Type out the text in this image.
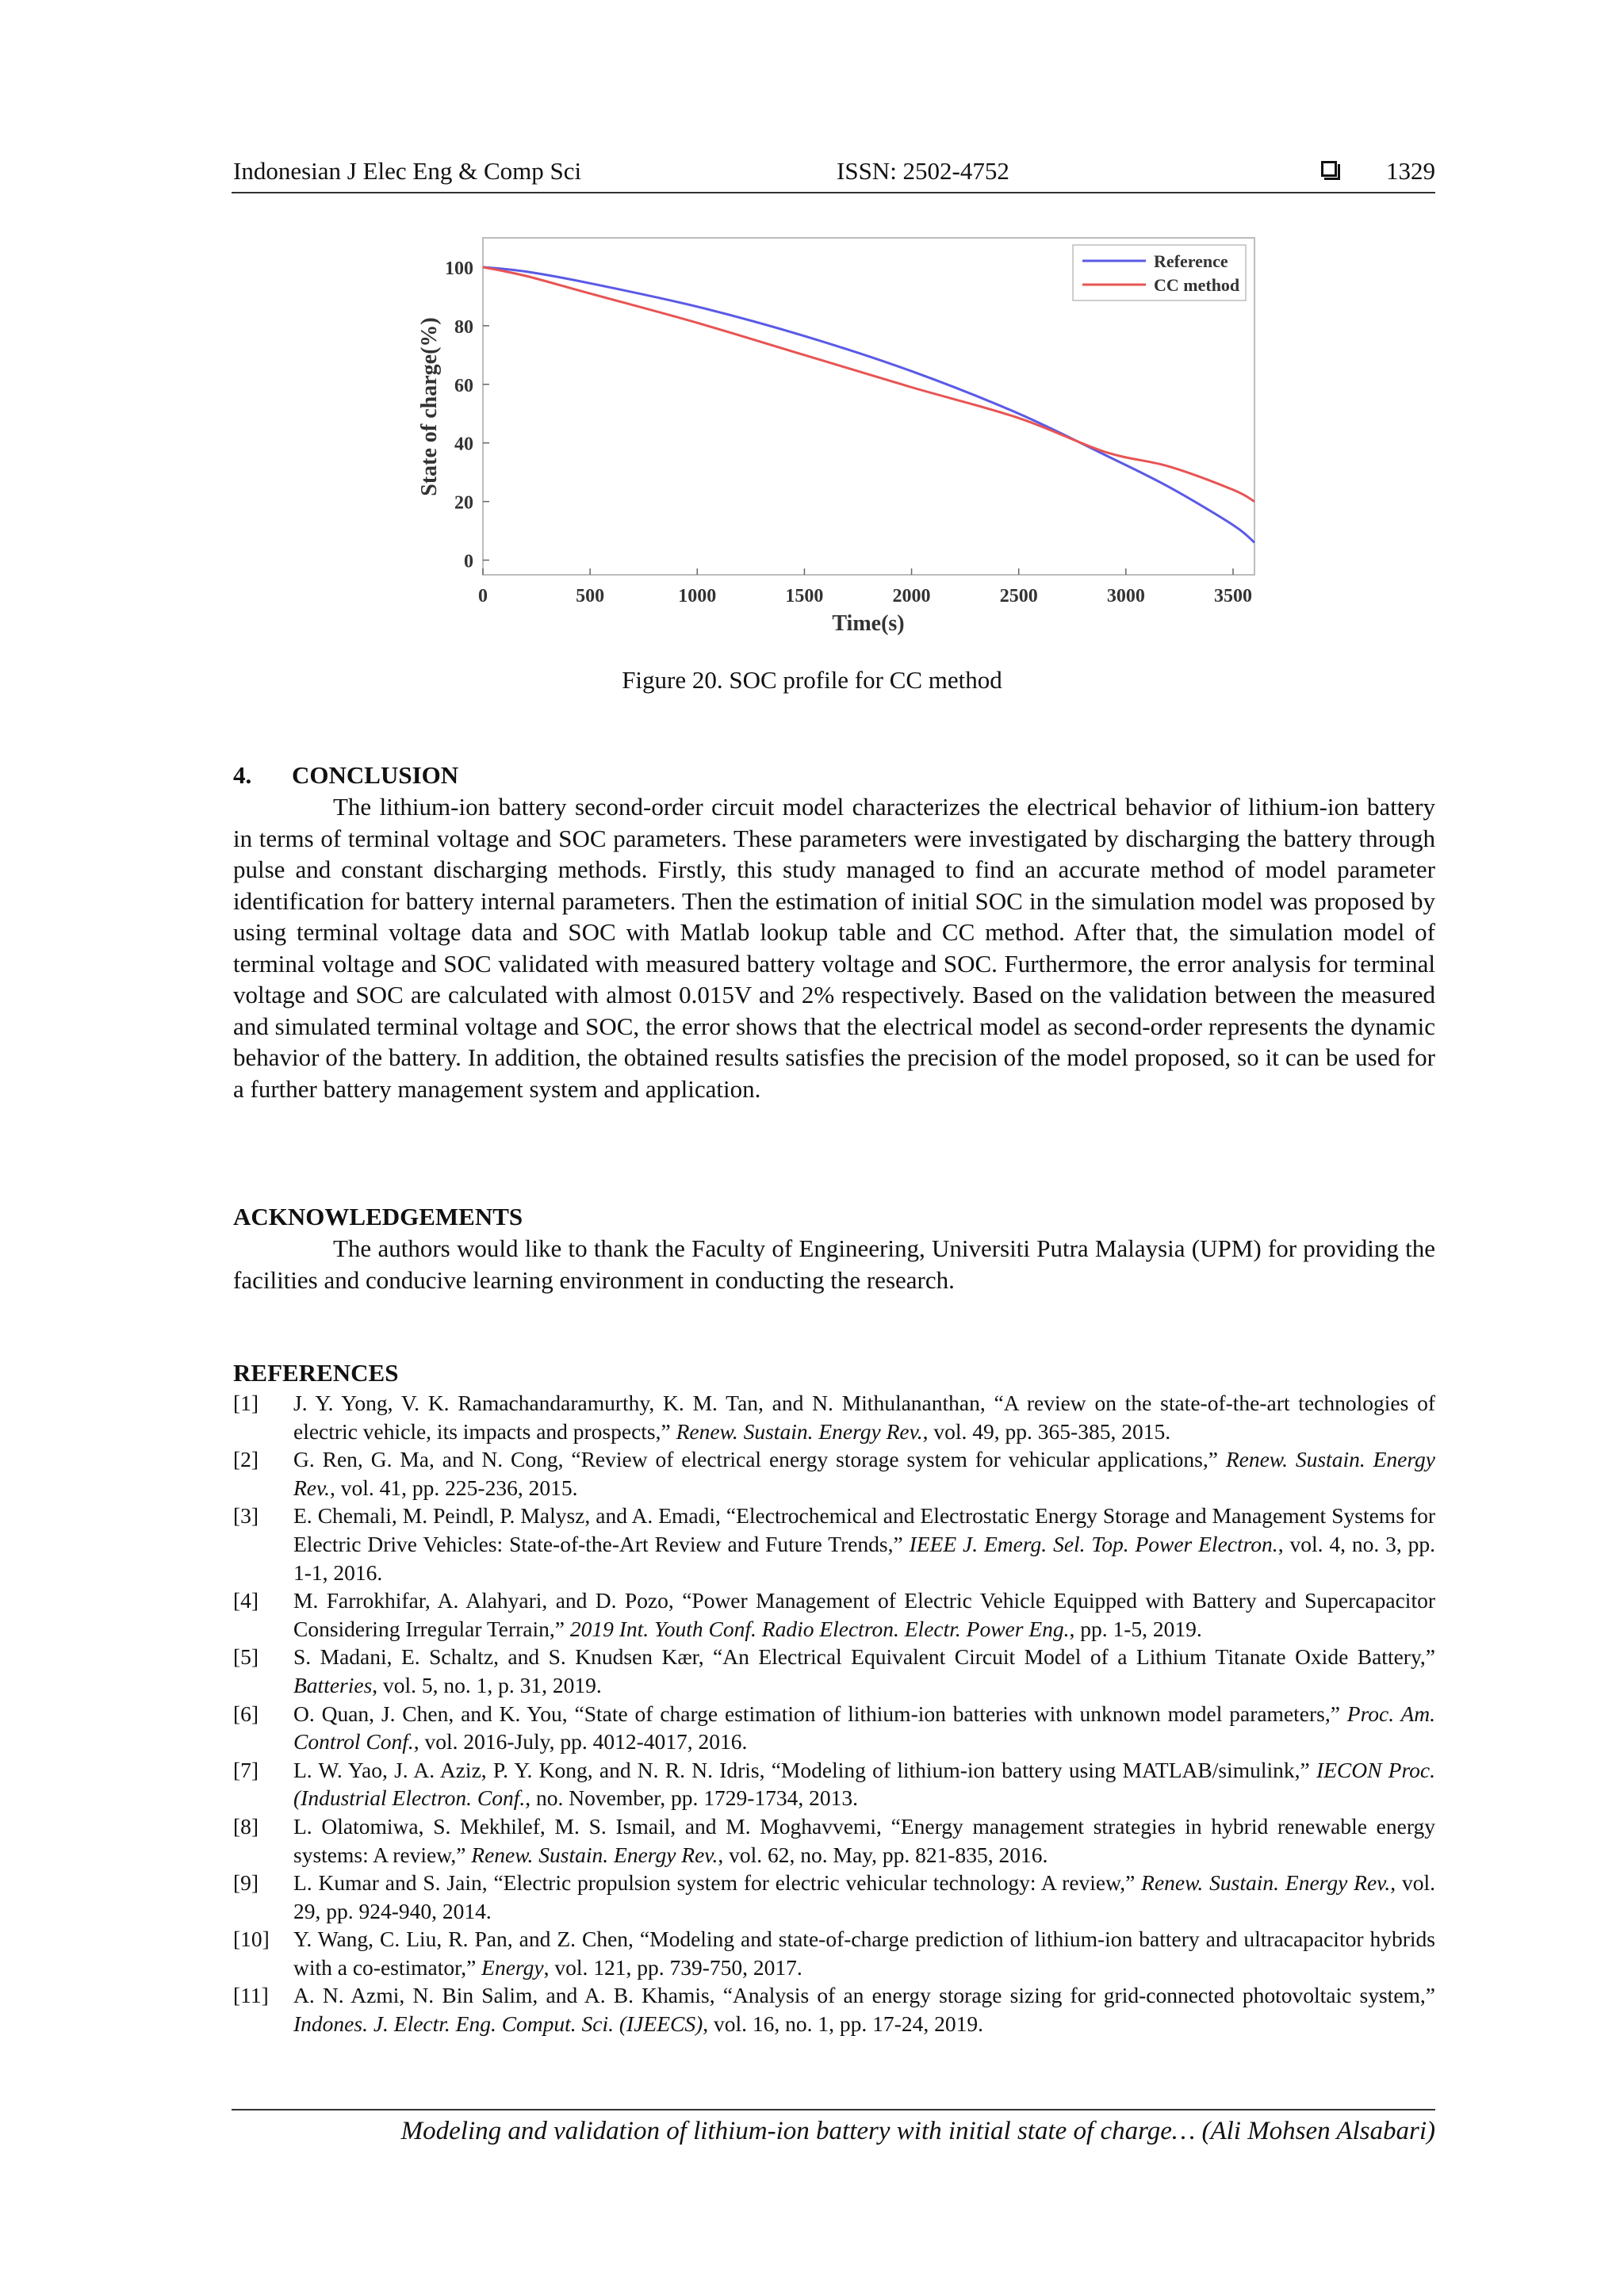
Indonesian J Elec Eng & Comp Sci	ISSN: 2502-4752	1329
0
20
40
60
80
100
0	500	1000	1500	2000	2500	3000	3500
Time(s)
State of charge(%)
Reference
CC method
Figure 20. SOC profile for CC method
4. CONCLUSION
The lithium-ion battery second-order circuit model characterizes the electrical behavior of lithium-ion battery in terms of terminal voltage and SOC parameters. These parameters were investigated by discharging the battery through pulse and constant discharging methods. Firstly, this study managed to find an accurate method of model parameter identification for battery internal parameters. Then the estimation of initial SOC in the simulation model was proposed by using terminal voltage data and SOC with Matlab lookup table and CC method. After that, the simulation model of terminal voltage and SOC validated with measured battery voltage and SOC. Furthermore, the error analysis for terminal voltage and SOC are calculated with almost 0.015V and 2% respectively. Based on the validation between the measured and simulated terminal voltage and SOC, the error shows that the electrical model as second-order represents the dynamic behavior of the battery. In addition, the obtained results satisfies the precision of the model proposed, so it can be used for a further battery management system and application.
ACKNOWLEDGEMENTS
The authors would like to thank the Faculty of Engineering, Universiti Putra Malaysia (UPM) for providing the facilities and conducive learning environment in conducting the research.
REFERENCES
[1] J. Y. Yong, V. K. Ramachandaramurthy, K. M. Tan, and N. Mithulananthan, “A review on the state-of-the-art technologies of electric vehicle, its impacts and prospects,” Renew. Sustain. Energy Rev., vol. 49, pp. 365-385, 2015.
[2] G. Ren, G. Ma, and N. Cong, “Review of electrical energy storage system for vehicular applications,” Renew. Sustain. Energy Rev., vol. 41, pp. 225-236, 2015.
[3] E. Chemali, M. Peindl, P. Malysz, and A. Emadi, “Electrochemical and Electrostatic Energy Storage and Management Systems for Electric Drive Vehicles: State-of-the-Art Review and Future Trends,” IEEE J. Emerg. Sel. Top. Power Electron., vol. 4, no. 3, pp. 1-1, 2016.
[4] M. Farrokhifar, A. Alahyari, and D. Pozo, “Power Management of Electric Vehicle Equipped with Battery and Supercapacitor Considering Irregular Terrain,” 2019 Int. Youth Conf. Radio Electron. Electr. Power Eng., pp. 1-5, 2019.
[5] S. Madani, E. Schaltz, and S. Knudsen Kær, “An Electrical Equivalent Circuit Model of a Lithium Titanate Oxide Battery,” Batteries, vol. 5, no. 1, p. 31, 2019.
[6] O. Quan, J. Chen, and K. You, “State of charge estimation of lithium-ion batteries with unknown model parameters,” Proc. Am. Control Conf., vol. 2016-July, pp. 4012-4017, 2016.
[7] L. W. Yao, J. A. Aziz, P. Y. Kong, and N. R. N. Idris, “Modeling of lithium-ion battery using MATLAB/simulink,” IECON Proc. (Industrial Electron. Conf., no. November, pp. 1729-1734, 2013.
[8] L. Olatomiwa, S. Mekhilef, M. S. Ismail, and M. Moghavvemi, “Energy management strategies in hybrid renewable energy systems: A review,” Renew. Sustain. Energy Rev., vol. 62, no. May, pp. 821-835, 2016.
[9] L. Kumar and S. Jain, “Electric propulsion system for electric vehicular technology: A review,” Renew. Sustain. Energy Rev., vol. 29, pp. 924-940, 2014.
[10] Y. Wang, C. Liu, R. Pan, and Z. Chen, “Modeling and state-of-charge prediction of lithium-ion battery and ultracapacitor hybrids with a co-estimator,” Energy, vol. 121, pp. 739-750, 2017.
[11] A. N. Azmi, N. Bin Salim, and A. B. Khamis, “Analysis of an energy storage sizing for grid-connected photovoltaic system,” Indones. J. Electr. Eng. Comput. Sci. (IJEECS), vol. 16, no. 1, pp. 17-24, 2019.
Modeling and validation of lithium-ion battery with initial state of charge… (Ali Mohsen Alsabari)
